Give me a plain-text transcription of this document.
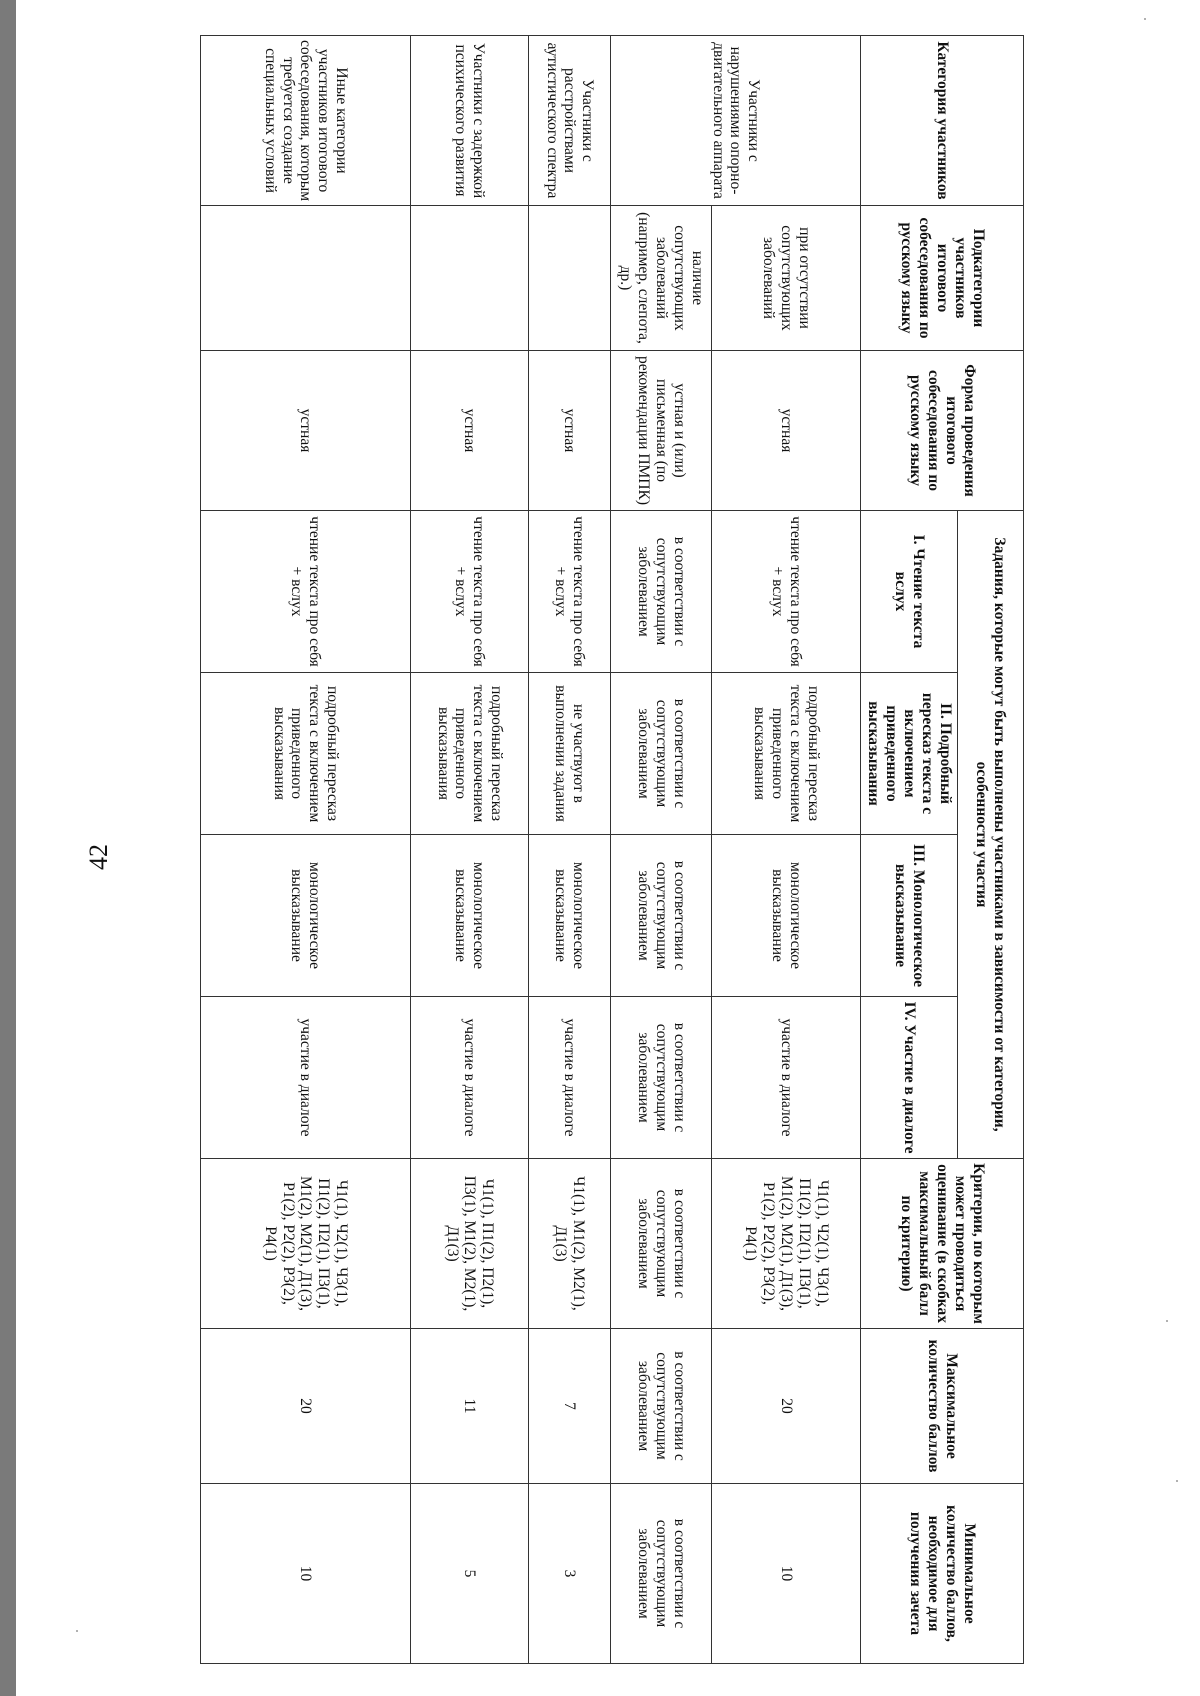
42
Категория участников	Подкатегории участников итогового собеседования по русскому языку	Форма проведения итогового собеседования по русскому языку	Задания, которые могут быть выполнены участниками в зависимости от категории, особенности участия				Критерии, по которым может проводиться оценивание (в скобках максимальный балл по критерию)	Максимальное количество баллов	Минимальное количество баллов, необходимое для получения зачета
			I. Чтение текста вслух	II. Подробный пересказ текста с включением приведенного высказывания	III. Монологическое высказывание	IV. Участие в диалоге			
Участники с нарушениями опорно-двигательного аппарата	при отсутствии сопутствующих заболеваний	устная	чтение текста про себя + вслух	подробный пересказ текста с включением приведенного высказывания	монологическое высказывание	участие в диалоге	Ч1(1), Ч2(1), Ч3(1), П1(2), П2(1), П3(1), М1(2), М2(1), Д1(3), Р1(2), Р2(2), Р3(2), Р4(1)	20	10
	наличие сопутствующих заболеваний (например, слепота, др.)	устная и (или) письменная (по рекомендации ПМПК)	в соответствии с сопутствующим заболеванием	в соответствии с сопутствующим заболеванием	в соответствии с сопутствующим заболеванием	в соответствии с сопутствующим заболеванием	в соответствии с сопутствующим заболеванием	в соответствии с сопутствующим заболеванием	в соответствии с сопутствующим заболеванием
Участники с расстройствами аутистического спектра		устная	чтение текста про себя + вслух	не участвуют в выполнении задания	монологическое высказывание	участие в диалоге	Ч1(1), М1(2), М2(1), Д1(3)	7	3
Участники с задержкой психического развития		устная	чтение текста про себя + вслух	подробный пересказ текста с включением приведенного высказывания	монологическое высказывание	участие в диалоге	Ч1(1), П1(2), П2(1), П3(1), М1(2), М2(1), Д1(3)	11	5
Иные категории участников итогового собеседования, которым требуется создание специальных условий		устная	чтение текста про себя + вслух	подробный пересказ текста с включением приведенного высказывания	монологическое высказывание	участие в диалоге	Ч1(1), Ч2(1), Ч3(1), П1(2), П2(1), П3(1), М1(2), М2(1), Д1(3), Р1(2), Р2(2), Р3(2), Р4(1)	20	10
